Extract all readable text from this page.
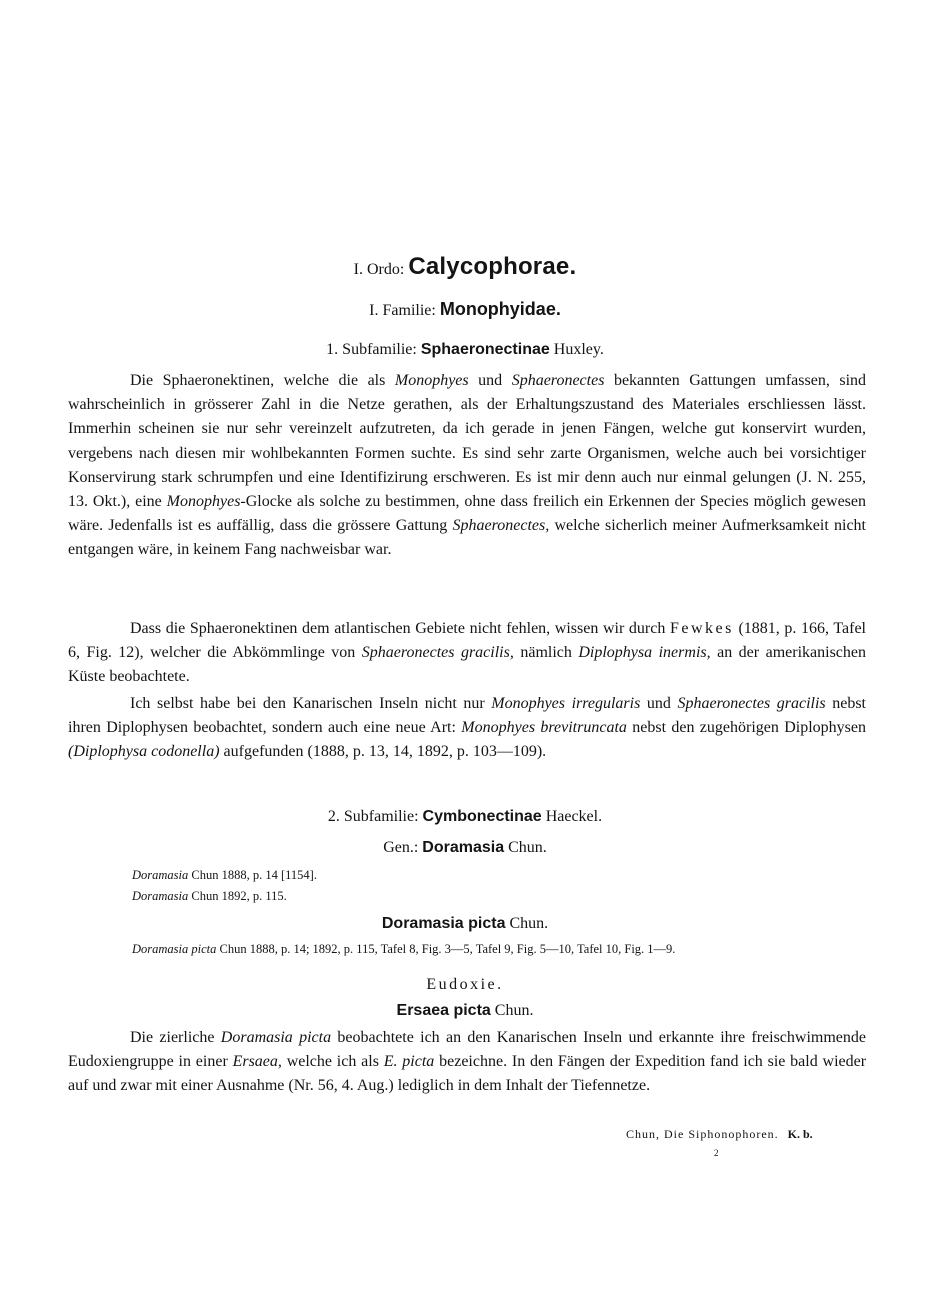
I. Ordo: Calycophorae.
I. Familie: Monophyidae.
1. Subfamilie: Sphaeronectinae Huxley.

Die Sphaeronektinen, welche die als Monophyes und Sphaeronectes bekannten Gattungen umfassen, sind wahrscheinlich in grösserer Zahl in die Netze gerathen, als der Erhaltungszustand des Materiales erschliessen lässt. Immerhin scheinen sie nur sehr vereinzelt aufzutreten, da ich gerade in jenen Fängen, welche gut konservirt wurden, vergebens nach diesen mir wohlbekannten Formen suchte. Es sind sehr zarte Organismen, welche auch bei vorsichtiger Konservirung stark schrumpfen und eine Identifizirung erschweren. Es ist mir denn auch nur einmal gelungen (J. N. 255, 13. Okt.), eine Monophyes-Glocke als solche zu bestimmen, ohne dass freilich ein Erkennen der Species möglich gewesen wäre. Jedenfalls ist es auffällig, dass die grössere Gattung Sphaeronectes, welche sicherlich meiner Aufmerksamkeit nicht entgangen wäre, in keinem Fang nachweisbar war.

Dass die Sphaeronektinen dem atlantischen Gebiete nicht fehlen, wissen wir durch Fewkes (1881, p. 166, Tafel 6, Fig. 12), welcher die Abkömmlinge von Sphaeronectes gracilis, nämlich Diplophysa inermis, an der amerikanischen Küste beobachtete.

Ich selbst habe bei den Kanarischen Inseln nicht nur Monophyes irregularis und Sphaeronectes gracilis nebst ihren Diplophysen beobachtet, sondern auch eine neue Art: Monophyes brevitruncata nebst den zugehörigen Diplophysen (Diplophysa codonella) aufgefunden (1888, p. 13, 14, 1892, p. 103—109).

2. Subfamilie: Cymbonectinae Haeckel.
Gen.: Doramasia Chun.
Doramasia Chun 1888, p. 14 [1154].
Doramasia Chun 1892, p. 115.
Doramasia picta Chun.
Doramasia picta Chun 1888, p. 14; 1892, p. 115, Tafel 8, Fig. 3—5, Tafel 9, Fig. 5—10, Tafel 10, Fig. 1—9.
Eudoxie.
Ersaea picta Chun.

Die zierliche Doramasia picta beobachtete ich an den Kanarischen Inseln und erkannte ihre freischwimmende Eudoxiengruppe in einer Ersaea, welche ich als E. picta bezeichne. In den Fängen der Expedition fand ich sie bald wieder auf und zwar mit einer Ausnahme (Nr. 56, 4. Aug.) lediglich in dem Inhalt der Tiefennetze.

Chun, Die Siphonophoren. K. b.
2
